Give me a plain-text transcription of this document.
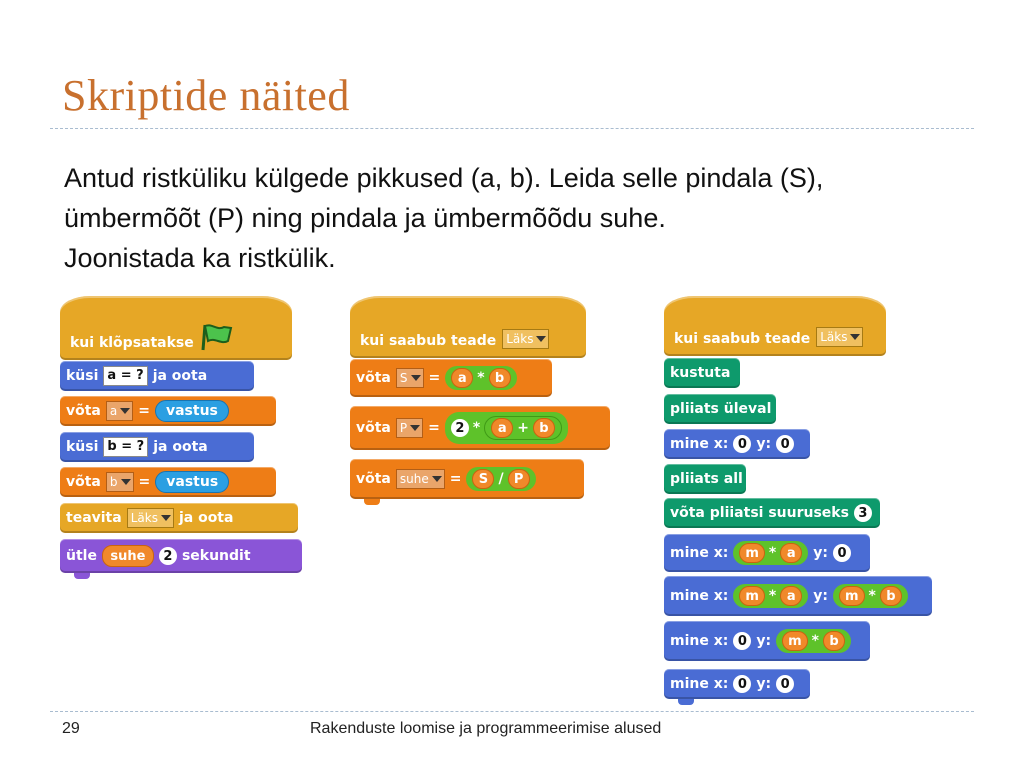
Skriptide näited
Antud ristküliku külgede pikkused (a, b). Leida selle pindala (S),
ümbermõõt (P) ning pindala ja ümbermõõdu suhe.
Joonistada ka ristkülik.
kui klõpsatakse
küsi a = ? ja oota
võta a =	vastus
küsi b = ? ja oota
võta b =	vastus
teavita Läks ja oota
ütle	suhe	2 sekundit
kui saabub teade Läks
võta S =	a * b
võta P =	2 *	a + b
võta suhe =	S / P
kui saabub teade Läks
kustuta
pliiats üleval
mine x: 0 y: 0
pliiats all
võta pliiatsi suuruseks 3
mine x:	m * a	y: 0
mine x:	m * a	y:	m * b
mine x: 0 y:	m * b
mine x: 0 y: 0
29	Rakenduste loomise ja programmeerimise alused
